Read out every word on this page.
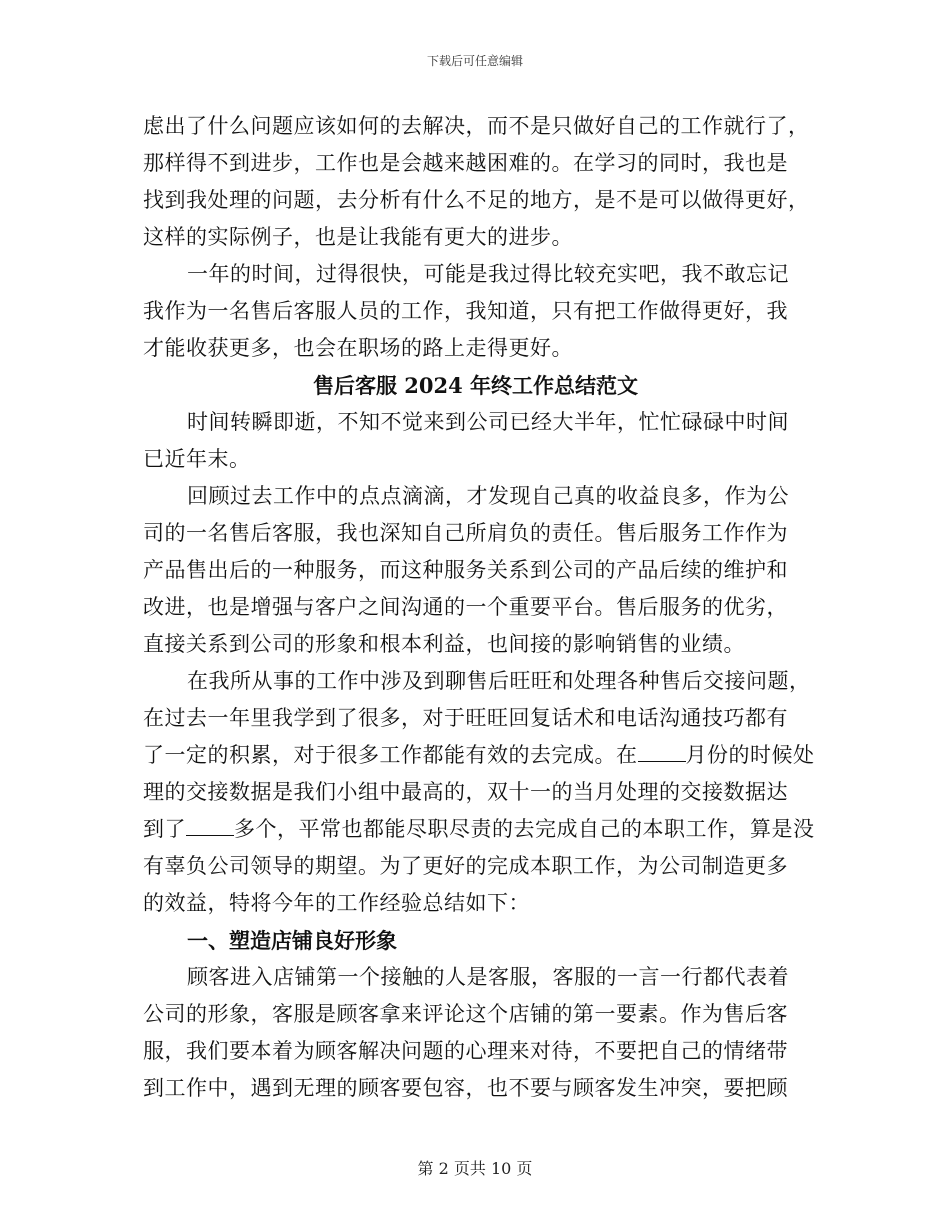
下载后可任意编辑

虑出了什么问题应该如何的去解决，而不是只做好自己的工作就行了，
那样得不到进步，工作也是会越来越困难的。在学习的同时，我也是
找到我处理的问题，去分析有什么不足的地方，是不是可以做得更好，
这样的实际例子，也是让我能有更大的进步。

一年的时间，过得很快，可能是我过得比较充实吧，我不敢忘记
我作为一名售后客服人员的工作，我知道，只有把工作做得更好，我
才能收获更多，也会在职场的路上走得更好。

售后客服 2024 年终工作总结范文

时间转瞬即逝，不知不觉来到公司已经大半年，忙忙碌碌中时间
已近年末。

回顾过去工作中的点点滴滴，才发现自己真的收益良多，作为公
司的一名售后客服，我也深知自己所肩负的责任。售后服务工作作为
产品售出后的一种服务，而这种服务关系到公司的产品后续的维护和
改进，也是增强与客户之间沟通的一个重要平台。售后服务的优劣，
直接关系到公司的形象和根本利益，也间接的影响销售的业绩。

在我所从事的工作中涉及到聊售后旺旺和处理各种售后交接问题，
在过去一年里我学到了很多，对于旺旺回复话术和电话沟通技巧都有
了一定的积累，对于很多工作都能有效的去完成。在 月份的时候处
理的交接数据是我们小组中最高的，双十一的当月处理的交接数据达
到了 多个，平常也都能尽职尽责的去完成自己的本职工作，算是没
有辜负公司领导的期望。为了更好的完成本职工作，为公司制造更多
的效益，特将今年的工作经验总结如下：

一、塑造店铺良好形象

顾客进入店铺第一个接触的人是客服，客服的一言一行都代表着
公司的形象，客服是顾客拿来评论这个店铺的第一要素。作为售后客
服，我们要本着为顾客解决问题的心理来对待，不要把自己的情绪带
到工作中，遇到无理的顾客要包容，也不要与顾客发生冲突，要把顾

第 2 页共 10 页
